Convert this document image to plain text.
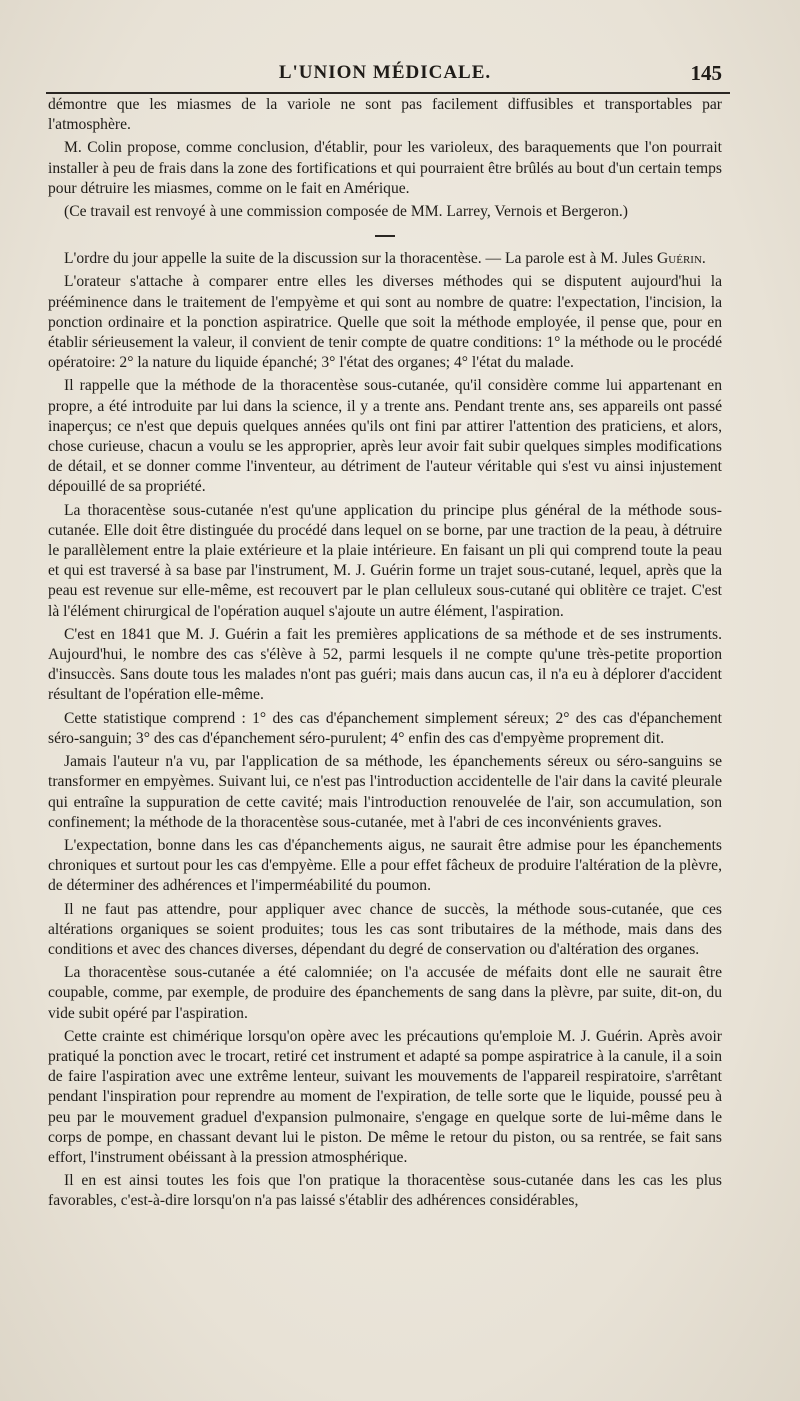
L'UNION MÉDICALE.	145

démontre que les miasmes de la variole ne sont pas facilement diffusibles et transportables par l'atmosphère.

M. Colin propose, comme conclusion, d'établir, pour les varioleux, des baraquements que l'on pourrait installer à peu de frais dans la zone des fortifications et qui pourraient être brûlés au bout d'un certain temps pour détruire les miasmes, comme on le fait en Amérique.

(Ce travail est renvoyé à une commission composée de MM. Larrey, Vernois et Bergeron.)

L'ordre du jour appelle la suite de la discussion sur la thoracentèse. — La parole est à M. Jules Guérin.

L'orateur s'attache à comparer entre elles les diverses méthodes qui se disputent aujourd'hui la prééminence dans le traitement de l'empyème et qui sont au nombre de quatre: l'expectation, l'incision, la ponction ordinaire et la ponction aspiratrice. Quelle que soit la méthode employée, il pense que, pour en établir sérieusement la valeur, il convient de tenir compte de quatre conditions: 1° la méthode ou le procédé opératoire: 2° la nature du liquide épanché; 3° l'état des organes; 4° l'état du malade.

Il rappelle que la méthode de la thoracentèse sous-cutanée, qu'il considère comme lui appartenant en propre, a été introduite par lui dans la science, il y a trente ans. Pendant trente ans, ses appareils ont passé inaperçus; ce n'est que depuis quelques années qu'ils ont fini par attirer l'attention des praticiens, et alors, chose curieuse, chacun a voulu se les approprier, après leur avoir fait subir quelques simples modifications de détail, et se donner comme l'inventeur, au détriment de l'auteur véritable qui s'est vu ainsi injustement dépouillé de sa propriété.

La thoracentèse sous-cutanée n'est qu'une application du principe plus général de la méthode sous-cutanée. Elle doit être distinguée du procédé dans lequel on se borne, par une traction de la peau, à détruire le parallèlement entre la plaie extérieure et la plaie intérieure. En faisant un pli qui comprend toute la peau et qui est traversé à sa base par l'instrument, M. J. Guérin forme un trajet sous-cutané, lequel, après que la peau est revenue sur elle-même, est recouvert par le plan celluleux sous-cutané qui oblitère ce trajet. C'est là l'élément chirurgical de l'opération auquel s'ajoute un autre élément, l'aspiration.

C'est en 1841 que M. J. Guérin a fait les premières applications de sa méthode et de ses instruments. Aujourd'hui, le nombre des cas s'élève à 52, parmi lesquels il ne compte qu'une très-petite proportion d'insuccès. Sans doute tous les malades n'ont pas guéri; mais dans aucun cas, il n'a eu à déplorer d'accident résultant de l'opération elle-même.

Cette statistique comprend : 1° des cas d'épanchement simplement séreux; 2° des cas d'épanchement séro-sanguin; 3° des cas d'épanchement séro-purulent; 4° enfin des cas d'empyème proprement dit.

Jamais l'auteur n'a vu, par l'application de sa méthode, les épanchements séreux ou séro-sanguins se transformer en empyèmes. Suivant lui, ce n'est pas l'introduction accidentelle de l'air dans la cavité pleurale qui entraîne la suppuration de cette cavité; mais l'introduction renouvelée de l'air, son accumulation, son confinement; la méthode de la thoracentèse sous-cutanée, met à l'abri de ces inconvénients graves.

L'expectation, bonne dans les cas d'épanchements aigus, ne saurait être admise pour les épanchements chroniques et surtout pour les cas d'empyème. Elle a pour effet fâcheux de produire l'altération de la plèvre, de déterminer des adhérences et l'imperméabilité du poumon.

Il ne faut pas attendre, pour appliquer avec chance de succès, la méthode sous-cutanée, que ces altérations organiques se soient produites; tous les cas sont tributaires de la méthode, mais dans des conditions et avec des chances diverses, dépendant du degré de conservation ou d'altération des organes.

La thoracentèse sous-cutanée a été calomniée; on l'a accusée de méfaits dont elle ne saurait être coupable, comme, par exemple, de produire des épanchements de sang dans la plèvre, par suite, dit-on, du vide subit opéré par l'aspiration.

Cette crainte est chimérique lorsqu'on opère avec les précautions qu'emploie M. J. Guérin. Après avoir pratiqué la ponction avec le trocart, retiré cet instrument et adapté sa pompe aspiratrice à la canule, il a soin de faire l'aspiration avec une extrême lenteur, suivant les mouvements de l'appareil respiratoire, s'arrêtant pendant l'inspiration pour reprendre au moment de l'expiration, de telle sorte que le liquide, poussé peu à peu par le mouvement graduel d'expansion pulmonaire, s'engage en quelque sorte de lui-même dans le corps de pompe, en chassant devant lui le piston. De même le retour du piston, ou sa rentrée, se fait sans effort, l'instrument obéissant à la pression atmosphérique.

Il en est ainsi toutes les fois que l'on pratique la thoracentèse sous-cutanée dans les cas les plus favorables, c'est-à-dire lorsqu'on n'a pas laissé s'établir des adhérences considérables,
